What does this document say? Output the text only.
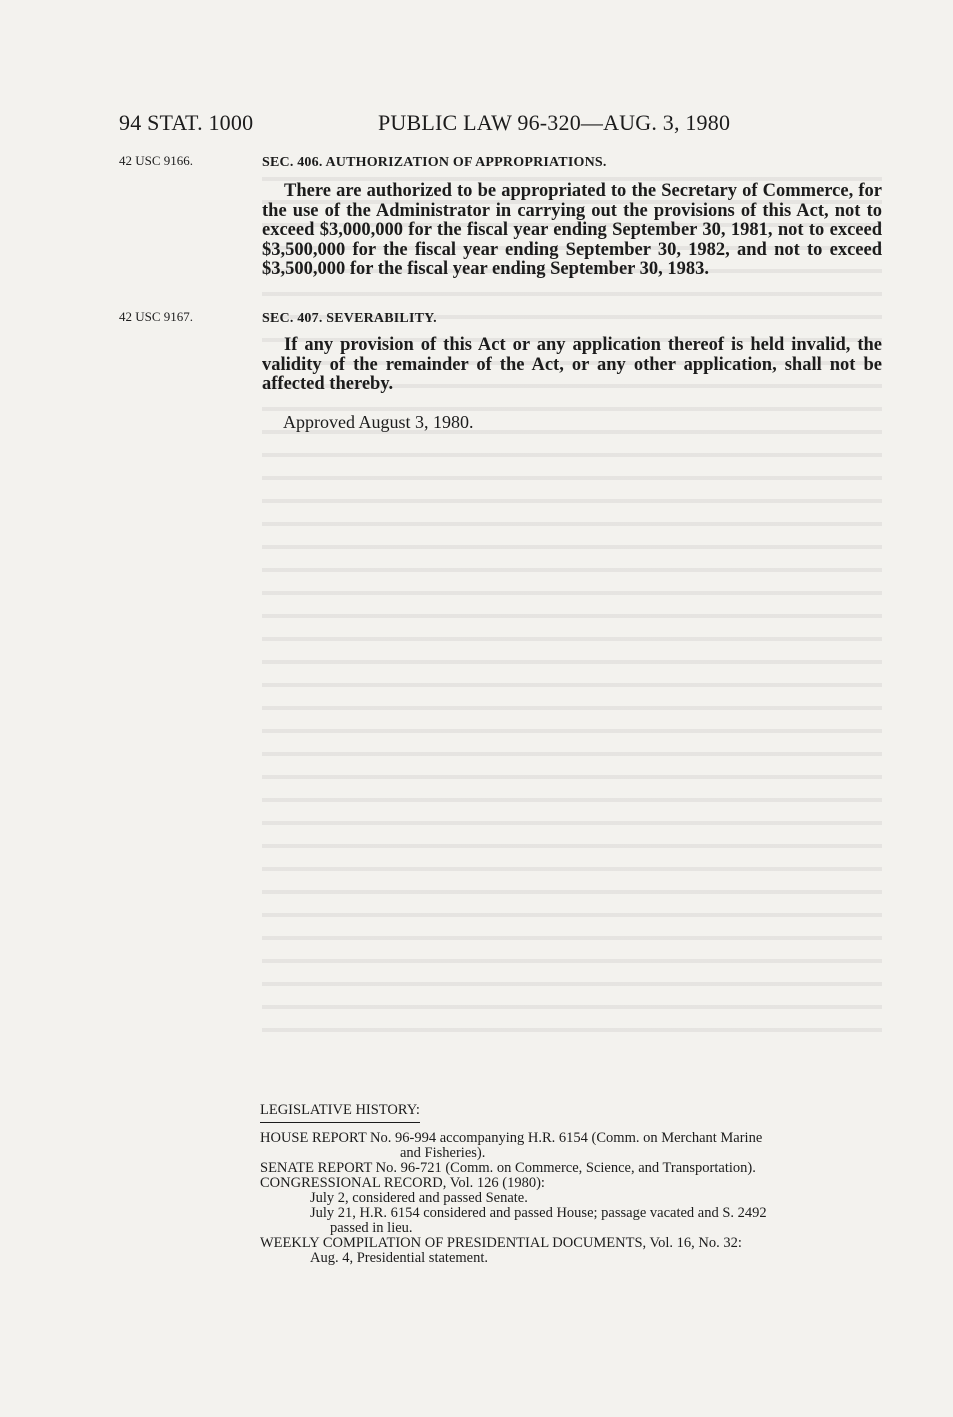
94 STAT. 1000	PUBLIC LAW 96-320—AUG. 3, 1980
42 USC 9166.	SEC. 406. AUTHORIZATION OF APPROPRIATIONS.
There are authorized to be appropriated to the Secretary of Commerce, for the use of the Administrator in carrying out the provisions of this Act, not to exceed $3,000,000 for the fiscal year ending September 30, 1981, not to exceed $3,500,000 for the fiscal year ending September 30, 1982, and not to exceed $3,500,000 for the fiscal year ending September 30, 1983.
42 USC 9167.	SEC. 407. SEVERABILITY.
If any provision of this Act or any application thereof is held invalid, the validity of the remainder of the Act, or any other application, shall not be affected thereby.
Approved August 3, 1980.
LEGISLATIVE HISTORY:
HOUSE REPORT No. 96-994 accompanying H.R. 6154 (Comm. on Merchant Marine
and Fisheries).
SENATE REPORT No. 96-721 (Comm. on Commerce, Science, and Transportation).
CONGRESSIONAL RECORD, Vol. 126 (1980):
July 2, considered and passed Senate.
July 21, H.R. 6154 considered and passed House; passage vacated and S. 2492
passed in lieu.
WEEKLY COMPILATION OF PRESIDENTIAL DOCUMENTS, Vol. 16, No. 32:
Aug. 4, Presidential statement.
